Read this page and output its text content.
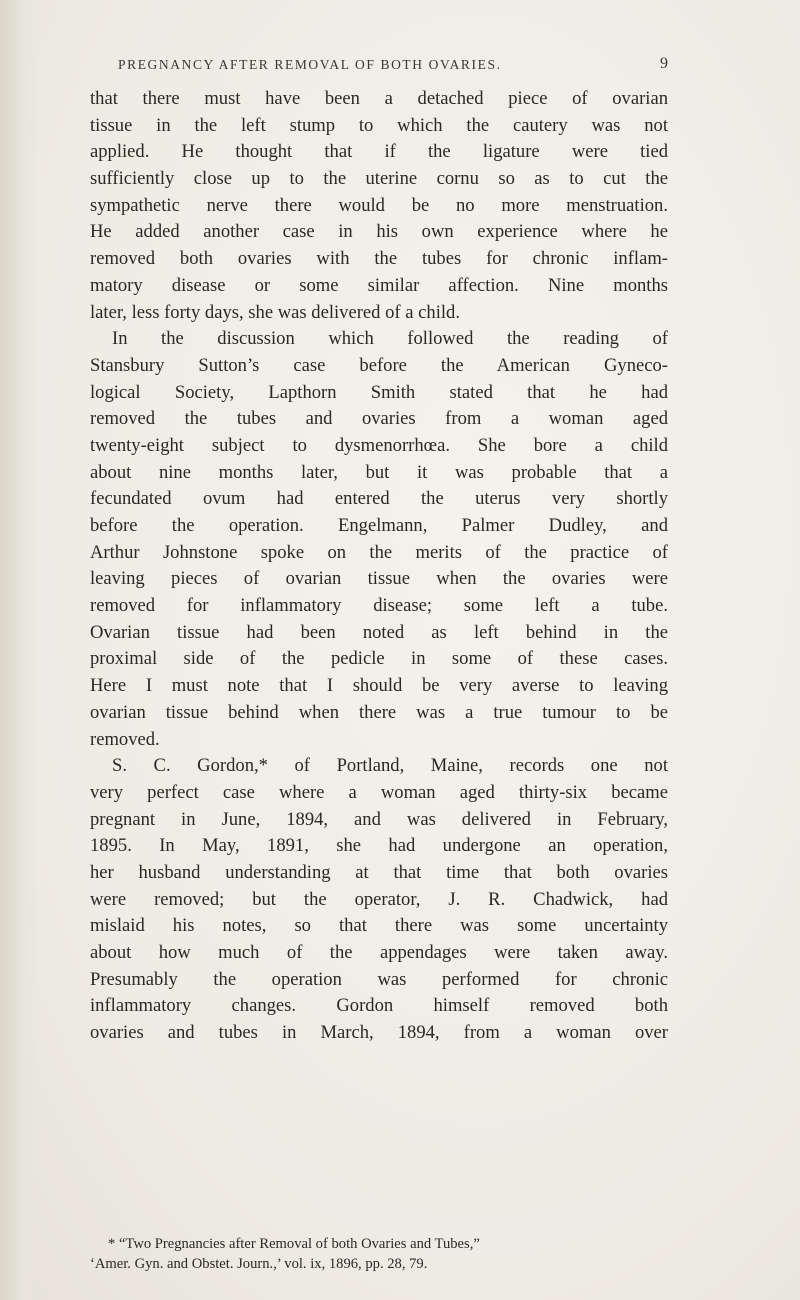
PREGNANCY AFTER REMOVAL OF BOTH OVARIES.	9
that there must have been a detached piece of ovarian
tissue in the left stump to which the cautery was not
applied. He thought that if the ligature were tied
sufficiently close up to the uterine cornu so as to cut the
sympathetic nerve there would be no more menstruation.
He added another case in his own experience where he
removed both ovaries with the tubes for chronic inflam-
matory disease or some similar affection. Nine months
later, less forty days, she was delivered of a child.
In the discussion which followed the reading of
Stansbury Sutton’s case before the American Gyneco-
logical Society, Lapthorn Smith stated that he had
removed the tubes and ovaries from a woman aged
twenty-eight subject to dysmenorrhœa. She bore a child
about nine months later, but it was probable that a
fecundated ovum had entered the uterus very shortly
before the operation. Engelmann, Palmer Dudley, and
Arthur Johnstone spoke on the merits of the practice of
leaving pieces of ovarian tissue when the ovaries were
removed for inflammatory disease; some left a tube.
Ovarian tissue had been noted as left behind in the
proximal side of the pedicle in some of these cases.
Here I must note that I should be very averse to leaving
ovarian tissue behind when there was a true tumour to be
removed.
S. C. Gordon,* of Portland, Maine, records one not
very perfect case where a woman aged thirty-six became
pregnant in June, 1894, and was delivered in February,
1895. In May, 1891, she had undergone an operation,
her husband understanding at that time that both ovaries
were removed; but the operator, J. R. Chadwick, had
mislaid his notes, so that there was some uncertainty
about how much of the appendages were taken away.
Presumably the operation was performed for chronic
inflammatory changes. Gordon himself removed both
ovaries and tubes in March, 1894, from a woman over
* “Two Pregnancies after Removal of both Ovaries and Tubes,”
‘Amer. Gyn. and Obstet. Journ.,’ vol. ix, 1896, pp. 28, 79.
